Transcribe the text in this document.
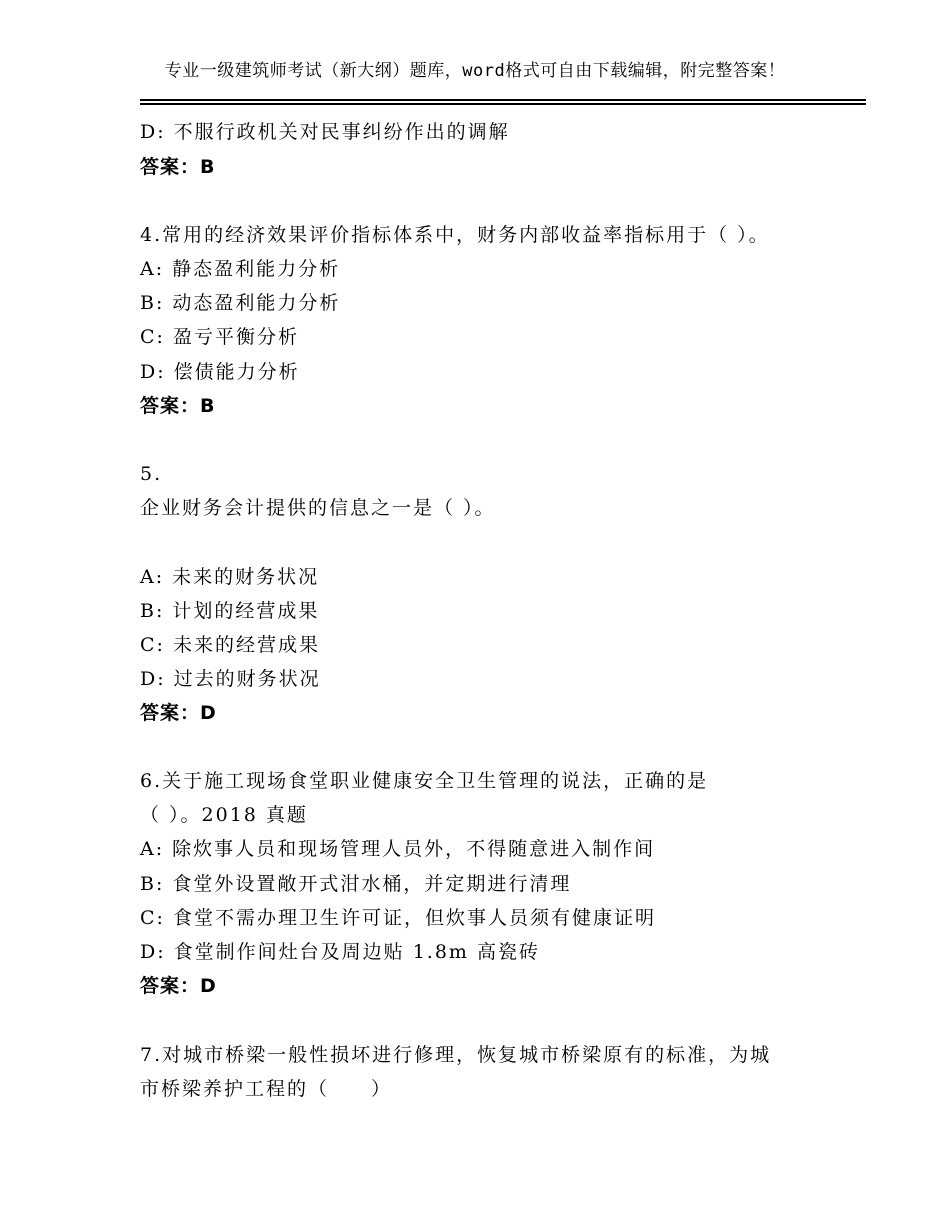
专业一级建筑师考试（新大纲）题库，word格式可自由下载编辑，附完整答案！
D: 不服行政机关对民事纠纷作出的调解
答案：B
4.常用的经济效果评价指标体系中，财务内部收益率指标用于（ ）。
A: 静态盈利能力分析
B: 动态盈利能力分析
C: 盈亏平衡分析
D: 偿债能力分析
答案：B
5.
企业财务会计提供的信息之一是（ ）。
A: 未来的财务状况
B: 计划的经营成果
C: 未来的经营成果
D: 过去的财务状况
答案：D
6.关于施工现场食堂职业健康安全卫生管理的说法，正确的是
（ ）。2018 真题
A: 除炊事人员和现场管理人员外，不得随意进入制作间
B: 食堂外设置敞开式泔水桶，并定期进行清理
C: 食堂不需办理卫生许可证，但炊事人员须有健康证明
D: 食堂制作间灶台及周边贴 1.8m 高瓷砖
答案：D
7.对城市桥梁一般性损坏进行修理，恢复城市桥梁原有的标准，为城
市桥梁养护工程的（　　）
